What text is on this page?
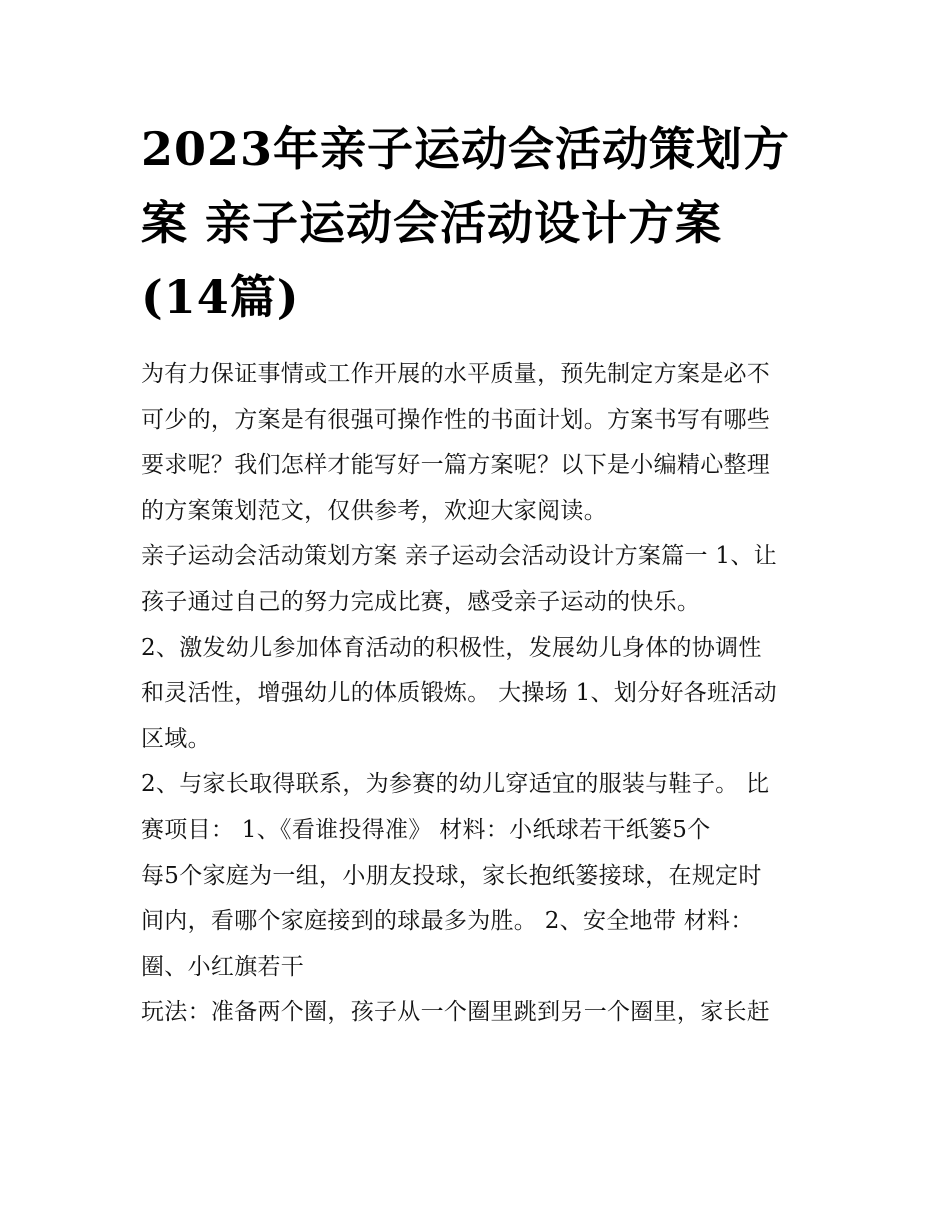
2023年亲子运动会活动策划方
案 亲子运动会活动设计方案
(14篇)
为有力保证事情或工作开展的水平质量，预先制定方案是必不
可少的，方案是有很强可操作性的书面计划。方案书写有哪些
要求呢？我们怎样才能写好一篇方案呢？以下是小编精心整理
的方案策划范文，仅供参考，欢迎大家阅读。
亲子运动会活动策划方案 亲子运动会活动设计方案篇一 1、让
孩子通过自己的努力完成比赛，感受亲子运动的快乐。
2、激发幼儿参加体育活动的积极性，发展幼儿身体的协调性
和灵活性，增强幼儿的体质锻炼。 大操场 1、划分好各班活动
区域。
2、与家长取得联系，为参赛的幼儿穿适宜的服装与鞋子。 比
赛项目： 1、《看谁投得准》 材料：小纸球若干纸篓5个
每5个家庭为一组，小朋友投球，家长抱纸篓接球，在规定时
间内，看哪个家庭接到的球最多为胜。 2、安全地带 材料：
圈、小红旗若干
玩法：准备两个圈，孩子从一个圈里跳到另一个圈里，家长赶
